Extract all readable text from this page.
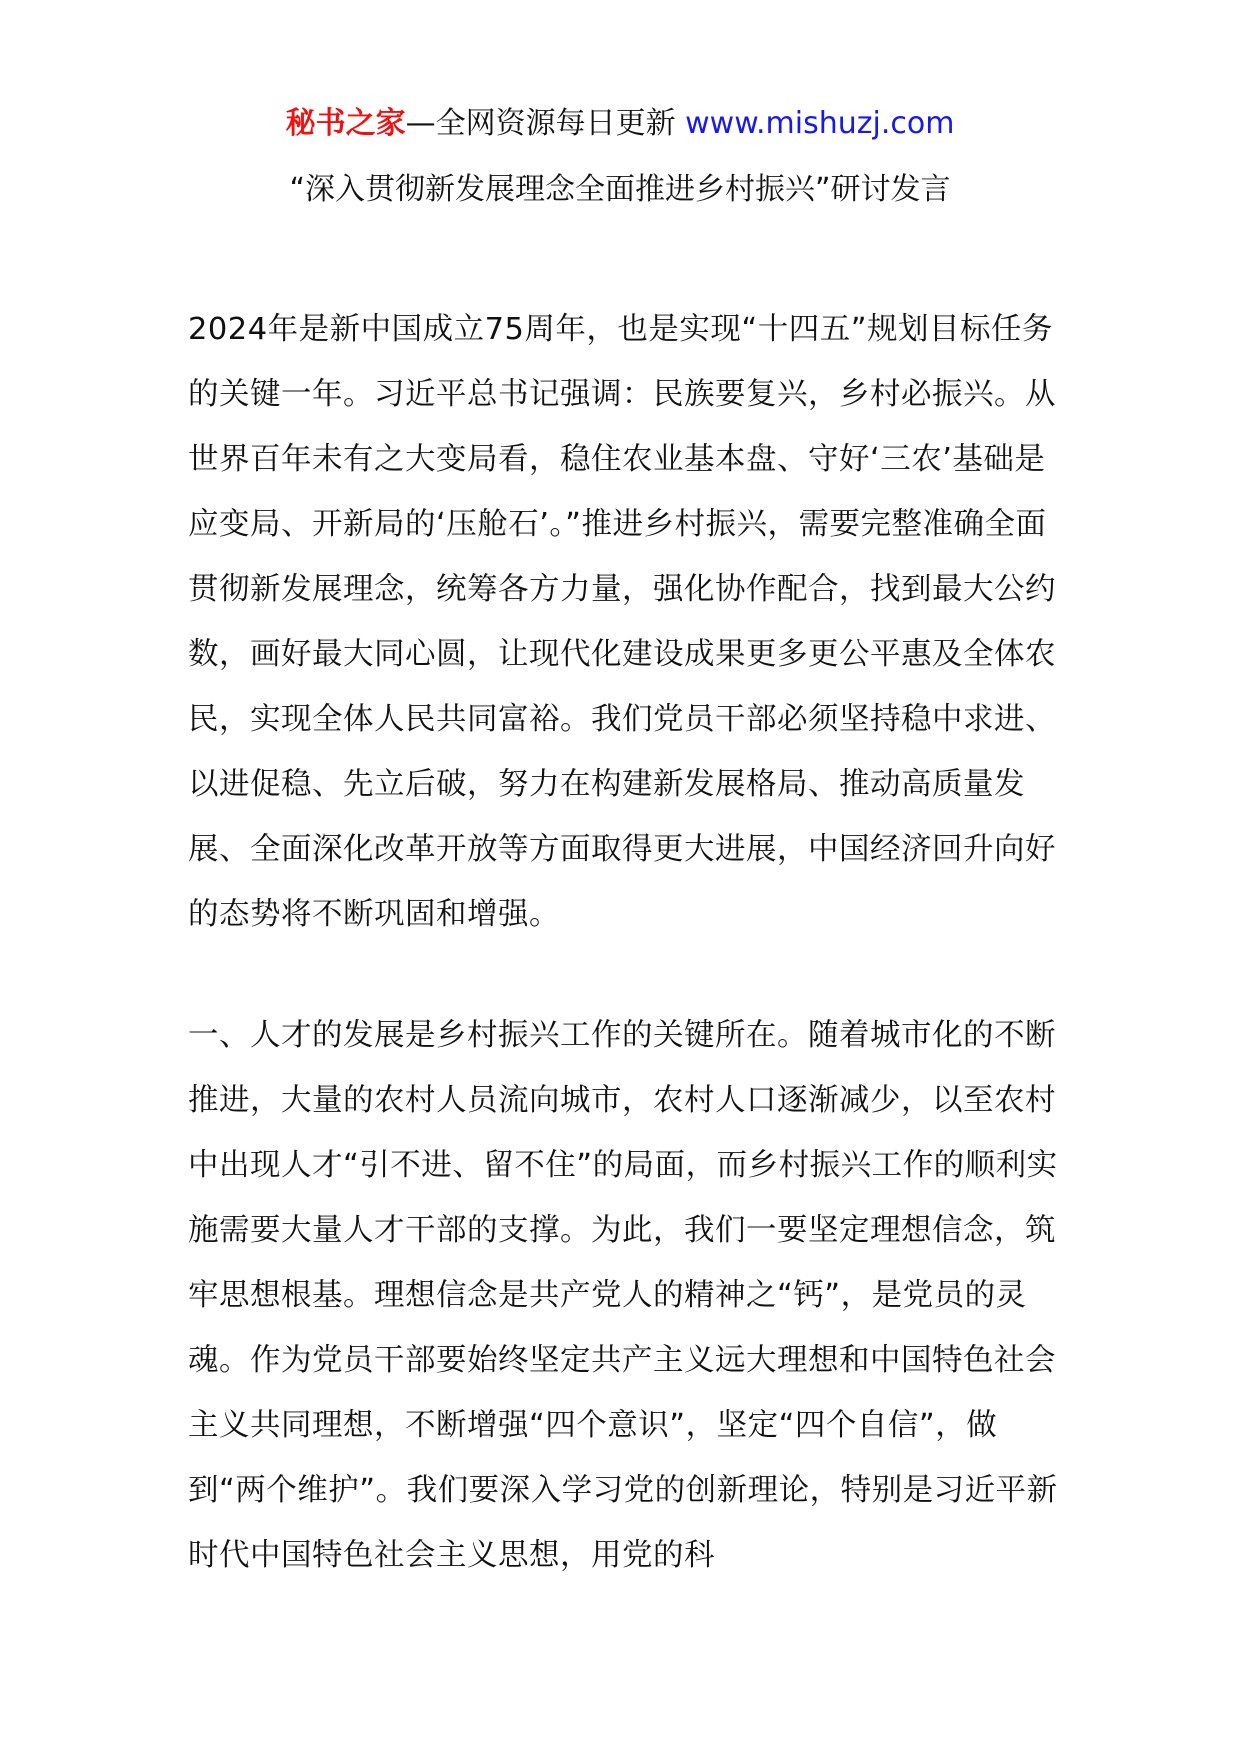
秘书之家—全网资源每日更新 www.mishuzj.com
“深入贯彻新发展理念全面推进乡村振兴”研讨发言

2024年是新中国成立75周年，也是实现“十四五”规划目标任务的关键一年。习近平总书记强调：民族要复兴，乡村必振兴。从世界百年未有之大变局看，稳住农业基本盘、守好‘三农’基础是应变局、开新局的‘压舱石’。”推进乡村振兴，需要完整准确全面贯彻新发展理念，统筹各方力量，强化协作配合，找到最大公约数，画好最大同心圆，让现代化建设成果更多更公平惠及全体农民，实现全体人民共同富裕。我们党员干部必须坚持稳中求进、以进促稳、先立后破，努力在构建新发展格局、推动高质量发展、全面深化改革开放等方面取得更大进展，中国经济回升向好的态势将不断巩固和增强。

一、人才的发展是乡村振兴工作的关键所在。随着城市化的不断推进，大量的农村人员流向城市，农村人口逐渐减少，以至农村中出现人才“引不进、留不住”的局面，而乡村振兴工作的顺利实施需要大量人才干部的支撑。为此，我们一要坚定理想信念，筑牢思想根基。理想信念是共产党人的精神之“钙”，是党员的灵魂。作为党员干部要始终坚定共产主义远大理想和中国特色社会主义共同理想，不断增强“四个意识”，坚定“四个自信”，做到“两个维护”。我们要深入学习党的创新理论，特别是习近平新时代中国特色社会主义思想，用党的科
